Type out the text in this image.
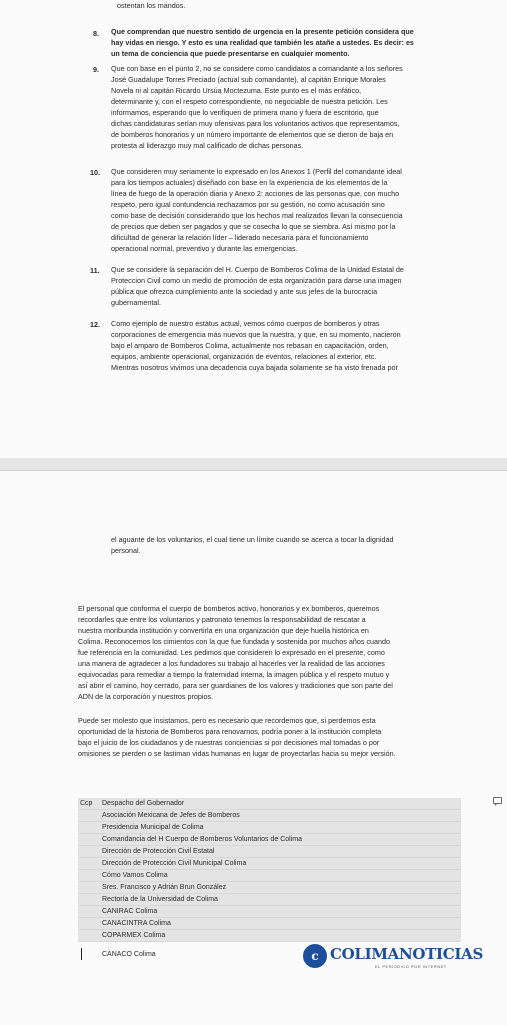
ostentan los mandos.
8. Que comprendan que nuestro sentido de urgencia en la presente petición considera que
hay vidas en riesgo. Y esto es una realidad que también les atañe a ustedes. Es decir: es
un tema de conciencia que puede presentarse en cualquier momento.
9. Que con base en el punto 2, no se considere como candidatos a comandante a los señores
José Guadalupe Torres Preciado (actual sub comandante), al capitán Enrique Morales
Novela ni al capitán Ricardo Ursúa Moctezuma. Este punto es el más enfático,
determinante y, con el respeto correspondiente, no negociable de nuestra petición. Les
informamos, esperando que lo verifiquen de primera mano y fuera de escritorio, que
dichas candidaturas serían muy ofensivas para los voluntarios activos que representamos,
de bomberos honorarios y un número importante de elementos que se dieron de baja en
protesta al liderazgo muy mal calificado de dichas personas.
10. Que consideren muy seriamente lo expresado en los Anexos 1 (Perfil del comandante ideal
para los tiempos actuales) diseñado con base en la experiencia de los elementos de la
línea de fuego de la operación diaria y Anexo 2: acciones de las personas que, con mucho
respeto, pero igual contundencia rechazamos por su gestión, no como acusación sino
como base de decisión considerando que los hechos mal realizados llevan la consecuencia
de precios que deben ser pagados y que se cosecha lo que se siembra. Así mismo por la
dificultad de generar la relación líder – liderado necesaria para el funcionamiento
operacional normal, preventivo y durante las emergencias.
11. Que se considere la separación del H. Cuerpo de Bomberos Colima de la Unidad Estatal de
Proteccion Civil como un medio de promoción de esta organización para darse una imagen
pública que ofrezca cumplimiento ante la sociedad y ante sus jefes de la burocracia
gubernamental.
12. Como ejemplo de nuestro estatus actual, vemos cómo cuerpos de bomberos y otras
corporaciones de emergencia más nuevos que la nuestra, y que, en su momento, nacieron
bajo el amparo de Bomberos Colima, actualmente nos rebasan en capacitación, orden,
equipos, ambiente operacional, organización de eventos, relaciones al exterior, etc.
Mientras nosotros vivimos una decadencia cuya bajada solamente se ha visto frenada por
el aguante de los voluntarios, el cual tiene un límite cuando se acerca a tocar la dignidad
personal.
El personal que conforma el cuerpo de bomberos activo, honorarios y ex bomberos, queremos
recordarles que entre los voluntarios y patronato tenemos la responsabilidad de rescatar a
nuestra moribunda institución y convertirla en una organización que deje huella histórica en
Colima. Reconocemos los cimientos con la que fue fundada y sostenida por muchos años cuando
fue referencia en la comunidad. Les pedimos que consideren lo expresado en el presente, como
una manera de agradecer a los fundadores su trabajo al hacerles ver la realidad de las acciones
equivocadas para remediar a tiempo la fraternidad interna, la imagen pública y el respeto mutuo y
así abrir el camino, hoy cerrado, para ser guardianes de los valores y tradiciones que son parte del
ADN de la corporación y nuestros propios.
Puede ser molesto que insistamos, pero es necesario que recordemos que, si perdemos esta
oportunidad de la historia de Bomberos para renovarnos, podría poner a la institución completa
bajo el juicio de los ciudadanos y de nuestras conciencias si por decisiones mal tomadas o por
omisiones se pierden o se lastiman vidas humanas en lugar de proyectarlas hacia su mejor versión.
Ccp Despacho del Gobernador
Asociación Mexicana de Jefes de Bomberos
Presidencia Municipal de Colima
Comandancia del H Cuerpo de Bomberos Voluntarios de Colima
Dirección de Protección Civil Estatal
Dirección de Protección Civil Municipal Colima
Cómo Vamos Colima
Sres. Francisco y Adrián Brun González
Rectoría de la Universidad de Colima
CANIRAC Colima
CANACINTRA Colima
COPARMEX Colima
CANACO Colima	c COLIMANOTICIAS
EL PERIÓDICO POR INTERNET
